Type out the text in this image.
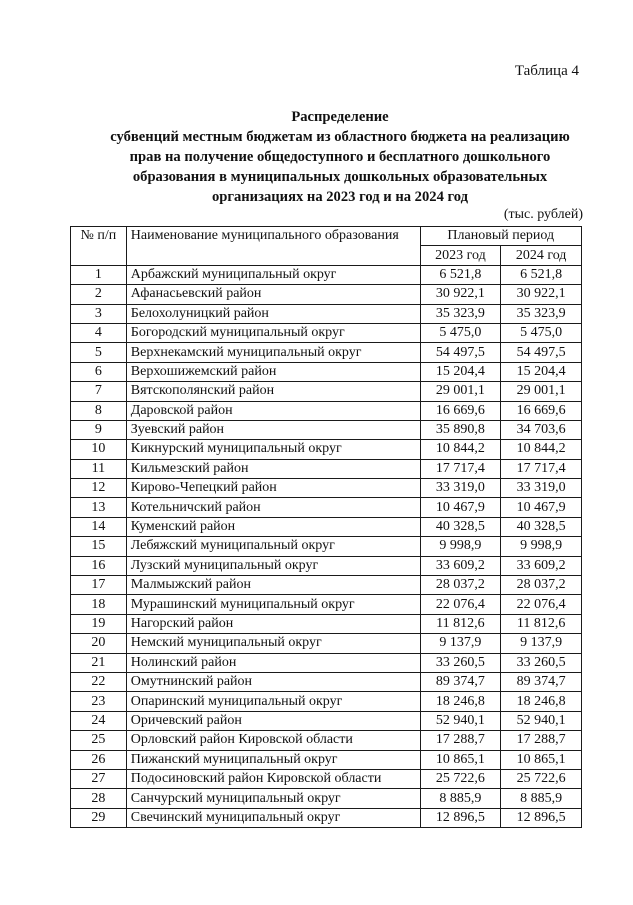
Таблица 4
Распределение
субвенций местным бюджетам из областного бюджета на реализацию
прав на получение общедоступного и бесплатного дошкольного
образования в муниципальных дошкольных образовательных
организациях на 2023 год и на 2024 год
(тыс. рублей)
№ п/п	Наименование муниципального образования	Плановый период	
		2023 год	2024 год
1	Арбажский муниципальный округ	6 521,8	6 521,8
2	Афанасьевский район	30 922,1	30 922,1
3	Белохолуницкий район	35 323,9	35 323,9
4	Богородский муниципальный округ	5 475,0	5 475,0
5	Верхнекамский муниципальный округ	54 497,5	54 497,5
6	Верхошижемский район	15 204,4	15 204,4
7	Вятскополянский район	29 001,1	29 001,1
8	Даровской район	16 669,6	16 669,6
9	Зуевский район	35 890,8	34 703,6
10	Кикнурский муниципальный округ	10 844,2	10 844,2
11	Кильмезский район	17 717,4	17 717,4
12	Кирово-Чепецкий район	33 319,0	33 319,0
13	Котельничский район	10 467,9	10 467,9
14	Куменский район	40 328,5	40 328,5
15	Лебяжский муниципальный округ	9 998,9	9 998,9
16	Лузский муниципальный округ	33 609,2	33 609,2
17	Малмыжский район	28 037,2	28 037,2
18	Мурашинский муниципальный округ	22 076,4	22 076,4
19	Нагорский район	11 812,6	11 812,6
20	Немский муниципальный округ	9 137,9	9 137,9
21	Нолинский район	33 260,5	33 260,5
22	Омутнинский район	89 374,7	89 374,7
23	Опаринский муниципальный округ	18 246,8	18 246,8
24	Оричевский район	52 940,1	52 940,1
25	Орловский район Кировской области	17 288,7	17 288,7
26	Пижанский муниципальный округ	10 865,1	10 865,1
27	Подосиновский район Кировской области	25 722,6	25 722,6
28	Санчурский муниципальный округ	8 885,9	8 885,9
29	Свечинский муниципальный округ	12 896,5	12 896,5
